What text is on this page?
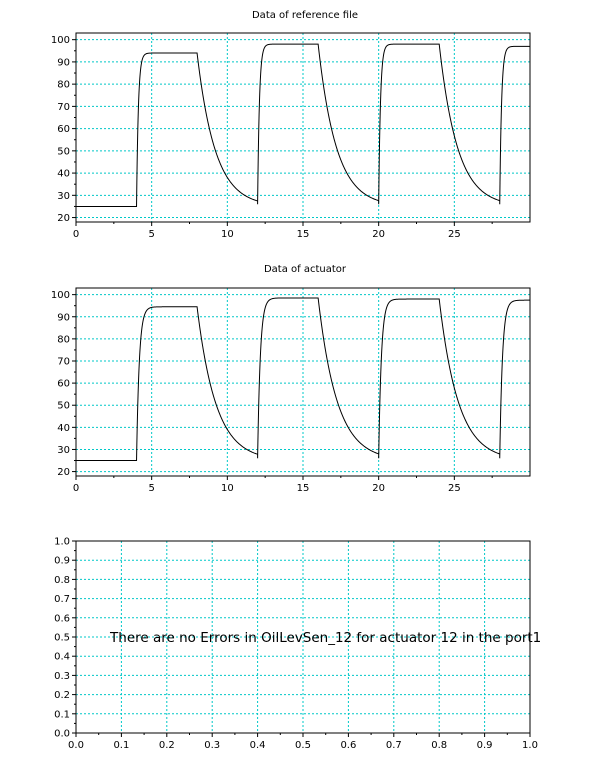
Data of reference file
0	5	10	15	20	25
20
30
40
50
60
70
80
90
100
Data of actuator
0	5	10	15	20	25
20
30
40
50
60
70
80
90
100
0.0	0.1	0.2	0.3	0.4	0.5	0.6	0.7	0.8	0.9	1.0
0.0
0.1
0.2
0.3
0.4
0.5
0.6
0.7
0.8
0.9
1.0
There are no Errors in OilLevSen_12 for actuator 12 in the port1
